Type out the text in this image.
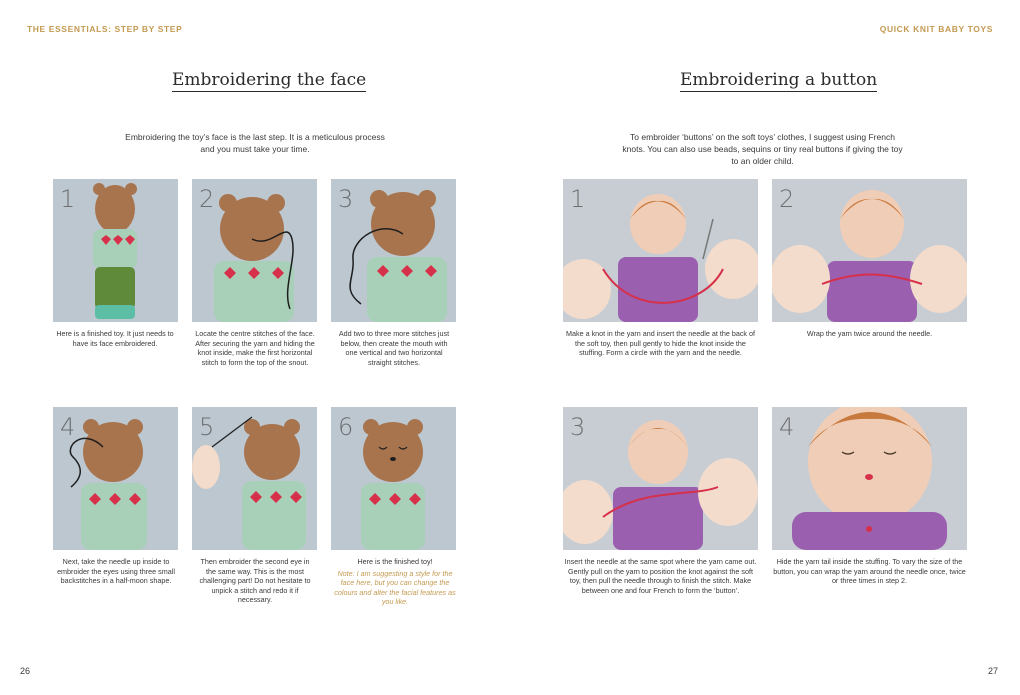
THE ESSENTIALS: STEP BY STEP	QUICK KNIT BABY TOYS
Embroidering the face	Embroidering a button
Embroidering the toy’s face is the last step. It is a meticulous process and you must take your time.
To embroider ‘buttons’ on the soft toys’ clothes, I suggest using French knots. You can also use beads, sequins or tiny real buttons if giving the toy to an older child.
1	2	3
4	5	6
Here is a finished toy. It just needs to have its face embroidered.
Locate the centre stitches of the face. After securing the yarn and hiding the knot inside, make the first horizontal stitch to form the top of the snout.
Add two to three more stitches just below, then create the mouth with one vertical and two horizontal straight stitches.
Next, take the needle up inside to embroider the eyes using three small backstitches in a half-moon shape.
Then embroider the second eye in the same way. This is the most challenging part! Do not hesitate to unpick a stitch and redo it if necessary.
Here is the finished toy!
Note: I am suggesting a style for the face here, but you can change the colours and alter the facial features as you like.
1	2
3	4
Make a knot in the yarn and insert the needle at the back of the soft toy, then pull gently to hide the knot inside the stuffing. Form a circle with the yarn and the needle.
Wrap the yarn twice around the needle.
Insert the needle at the same spot where the yarn came out. Gently pull on the yarn to position the knot against the soft toy, then pull the needle through to finish the stitch. Make between one and four French to form the ‘button’.
Hide the yarn tail inside the stuffing. To vary the size of the button, you can wrap the yarn around the needle once, twice or three times in step 2.
26	27
